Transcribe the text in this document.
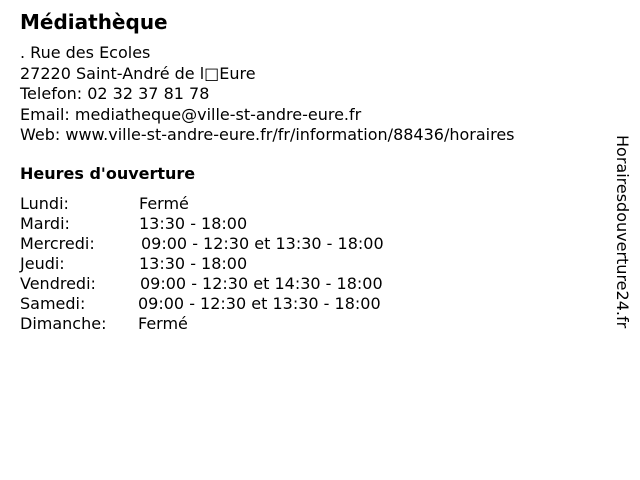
Médiathèque
. Rue des Ecoles
27220 Saint-André de l□Eure
Telefon: 02 32 37 81 78
Email: mediatheque@ville-st-andre-eure.fr
Web: www.ville-st-andre-eure.fr/fr/information/88436/horaires
Heures d'ouverture
Lundi:	Fermé
Mardi:	13:30 - 18:00
Mercredi:	09:00 - 12:30 et 13:30 - 18:00
Jeudi:	13:30 - 18:00
Vendredi:	09:00 - 12:30 et 14:30 - 18:00
Samedi:	09:00 - 12:30 et 13:30 - 18:00
Dimanche: Fermé	Horairesdouverture24.fr
